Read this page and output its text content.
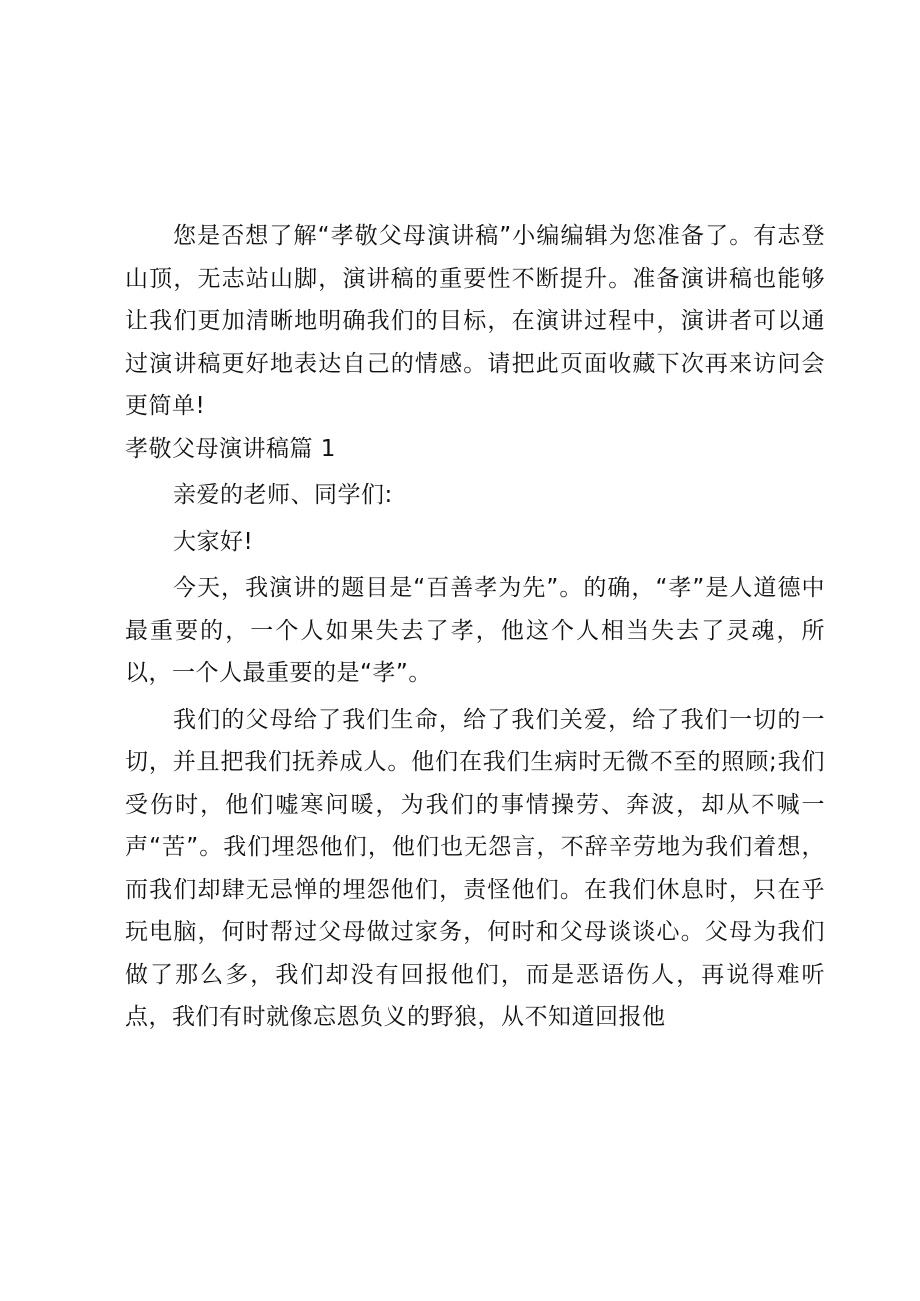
您是否想了解“孝敬父母演讲稿”小编编辑为您准备了。有志登山顶，无志站山脚，演讲稿的重要性不断提升。准备演讲稿也能够让我们更加清晰地明确我们的目标，在演讲过程中，演讲者可以通过演讲稿更好地表达自己的情感。请把此页面收藏下次再来访问会更简单!

孝敬父母演讲稿篇 1

亲爱的老师、同学们:

大家好!

今天，我演讲的题目是“百善孝为先”。的确，“孝”是人道德中最重要的，一个人如果失去了孝，他这个人相当失去了灵魂，所以，一个人最重要的是“孝”。

我们的父母给了我们生命，给了我们关爱，给了我们一切的一切，并且把我们抚养成人。他们在我们生病时无微不至的照顾;我们受伤时，他们嘘寒问暖，为我们的事情操劳、奔波，却从不喊一声“苦”。我们埋怨他们，他们也无怨言，不辞辛劳地为我们着想，而我们却肆无忌惮的埋怨他们，责怪他们。在我们休息时，只在乎玩电脑，何时帮过父母做过家务，何时和父母谈谈心。父母为我们做了那么多，我们却没有回报他们，而是恶语伤人，再说得难听点，我们有时就像忘恩负义的野狼，从不知道回报他
